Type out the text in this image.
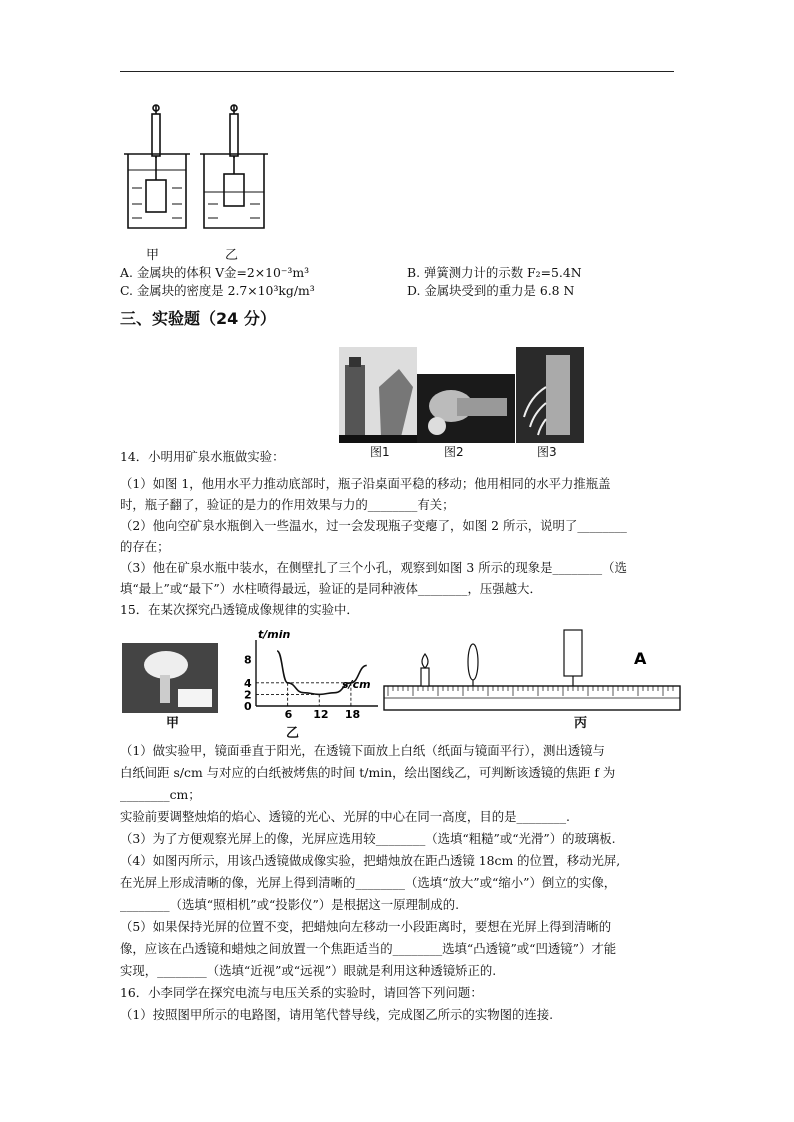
甲	乙
A. 金属块的体积 V金=2×10⁻³m³	B. 弹簧测力计的示数 F₂=5.4N
C. 金属块的密度是 2.7×10³kg/m³	D. 金属块受到的重力是 6.8 N
三、实验题（24 分）
图1	图2	图3
14．小明用矿泉水瓶做实验：
（1）如图 1，他用水平力推动底部时，瓶子沿桌面平稳的移动；他用相同的水平力推瓶盖
时，瓶子翻了，验证的是力的作用效果与力的________有关；
（2）他向空矿泉水瓶倒入一些温水，过一会发现瓶子变瘪了，如图 2 所示，说明了________
的存在；
（3）他在矿泉水瓶中装水，在侧壁扎了三个小孔，观察到如图 3 所示的现象是________（选
填“最上”或“最下”）水柱喷得最远，验证的是同种液体________，压强越大．
15．在某次探究凸透镜成像规律的实验中．
甲
t/min
s/cm
8
4
2
0
6 12 18
乙
A
丙
（1）做实验甲，镜面垂直于阳光，在透镜下面放上白纸（纸面与镜面平行），测出透镜与
白纸间距 s/cm 与对应的白纸被烤焦的时间 t/min，绘出图线乙，可判断该透镜的焦距 f 为
________cm；
实验前要调整烛焰的焰心、透镜的光心、光屏的中心在同一高度，目的是________.
（3）为了方便观察光屏上的像，光屏应选用较________（选填“粗糙”或“光滑”）的玻璃板.
（4）如图丙所示，用该凸透镜做成像实验，把蜡烛放在距凸透镜 18cm 的位置，移动光屏,
在光屏上形成清晰的像，光屏上得到清晰的________（选填“放大”或“缩小”）倒立的实像，
________（选填“照相机”或“投影仪”）是根据这一原理制成的.
（5）如果保持光屏的位置不变，把蜡烛向左移动一小段距离时，要想在光屏上得到清晰的
像，应该在凸透镜和蜡烛之间放置一个焦距适当的________选填“凸透镜”或“凹透镜”）才能
实现，________（选填“近视”或“远视”）眼就是利用这种透镜矫正的.
16．小李同学在探究电流与电压关系的实验时，请回答下列问题：
（1）按照图甲所示的电路图，请用笔代替导线，完成图乙所示的实物图的连接.
